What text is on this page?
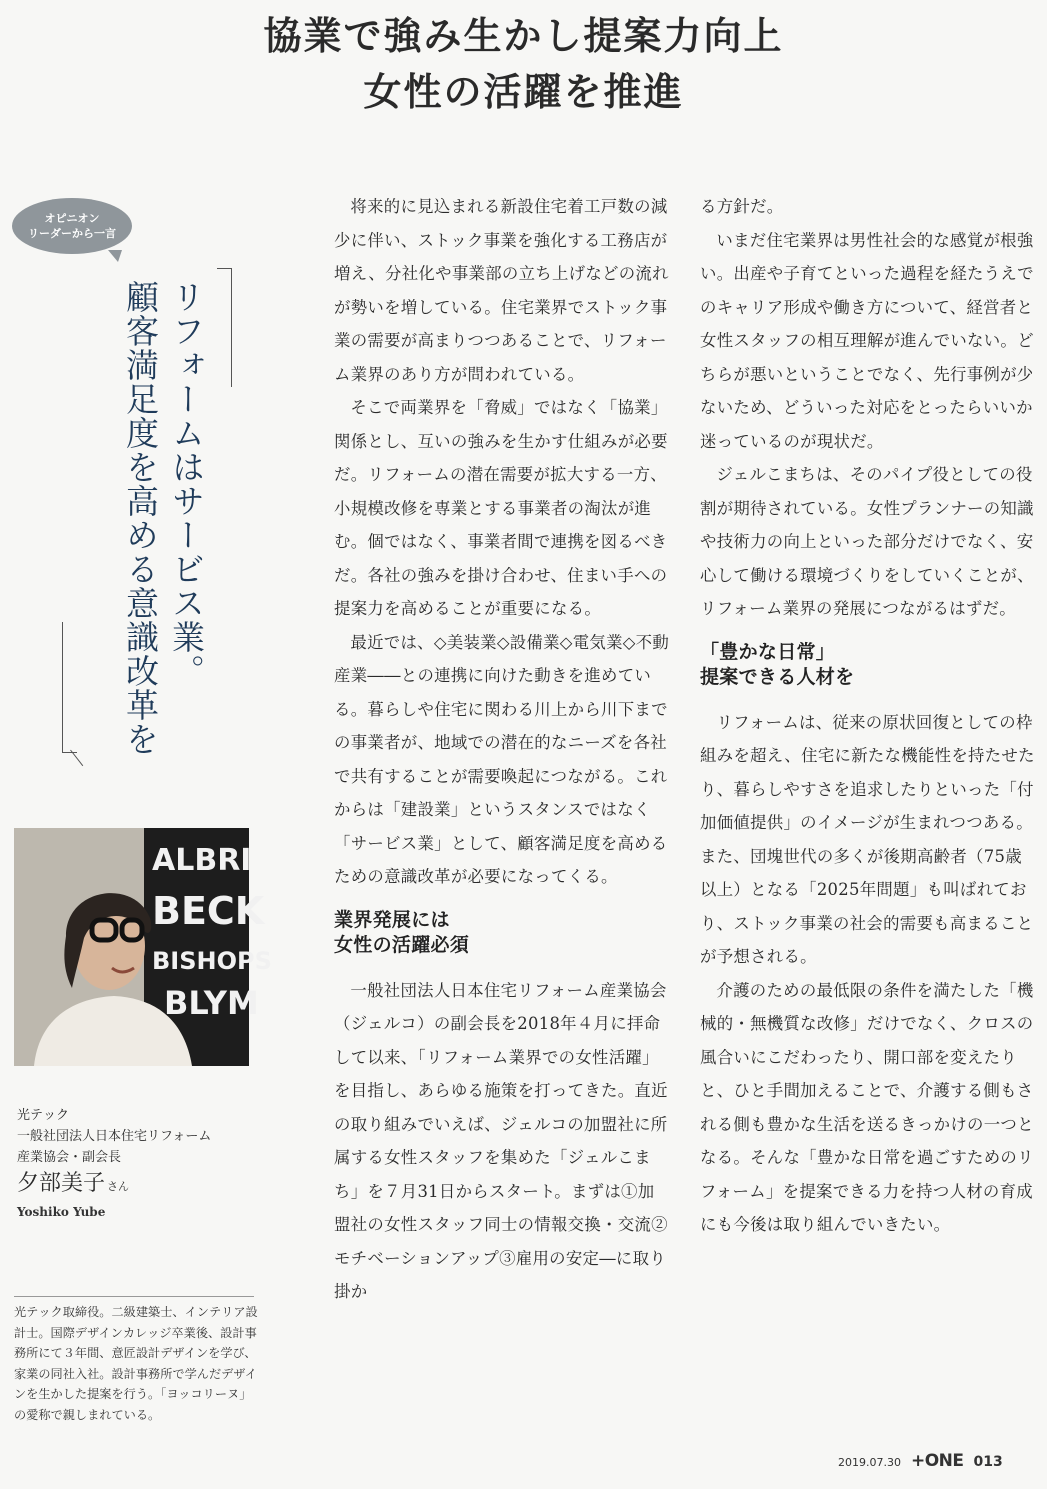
協業で強み生かし提案力向上
女性の活躍を推進
オピニオン
リーダーから一言
リフォームはサービス業。
顧客満足度を高める意識改革を
ALBRI
BECK
BISHOPS
BLYM
光テック
一般社団法人日本住宅リフォーム
産業協会・副会長
夕部美子 さん
Yoshiko Yube
光テック取締役。二級建築士、インテリア設計士。国際デザインカレッジ卒業後、設計事務所にて３年間、意匠設計デザインを学び、家業の同社入社。設計事務所で学んだデザインを生かした提案を行う。「ヨッコリーヌ」の愛称で親しまれている。

将来的に見込まれる新設住宅着工戸数の減少に伴い、ストック事業を強化する工務店が増え、分社化や事業部の立ち上げなどの流れが勢いを増している。住宅業界でストック事業の需要が高まりつつあることで、リフォーム業界のあり方が問われている。

そこで両業界を「脅威」ではなく「協業」関係とし、互いの強みを生かす仕組みが必要だ。リフォームの潜在需要が拡大する一方、小規模改修を専業とする事業者の淘汰が進む。個ではなく、事業者間で連携を図るべきだ。各社の強みを掛け合わせ、住まい手への提案力を高めることが重要になる。

最近では、◇美装業◇設備業◇電気業◇不動産業――との連携に向けた動きを進めている。暮らしや住宅に関わる川上から川下までの事業者が、地域での潜在的なニーズを各社で共有することが需要喚起につながる。これからは「建設業」というスタンスではなく「サービス業」として、顧客満足度を高めるための意識改革が必要になってくる。

業界発展には
女性の活躍必須

一般社団法人日本住宅リフォーム産業協会（ジェルコ）の副会長を2018年４月に拝命して以来、「リフォーム業界での女性活躍」を目指し、あらゆる施策を打ってきた。直近の取り組みでいえば、ジェルコの加盟社に所属する女性スタッフを集めた「ジェルこまち」を７月31日からスタート。まずは①加盟社の女性スタッフ同士の情報交換・交流②モチベーションアップ③雇用の安定―に取り掛か

る方針だ。

いまだ住宅業界は男性社会的な感覚が根強い。出産や子育てといった過程を経たうえでのキャリア形成や働き方について、経営者と女性スタッフの相互理解が進んでいない。どちらが悪いということでなく、先行事例が少ないため、どういった対応をとったらいいか迷っているのが現状だ。

ジェルこまちは、そのパイプ役としての役割が期待されている。女性プランナーの知識や技術力の向上といった部分だけでなく、安心して働ける環境づくりをしていくことが、リフォーム業界の発展につながるはずだ。

「豊かな日常」
提案できる人材を

リフォームは、従来の原状回復としての枠組みを超え、住宅に新たな機能性を持たせたり、暮らしやすさを追求したりといった「付加価値提供」のイメージが生まれつつある。また、団塊世代の多くが後期高齢者（75歳以上）となる「2025年問題」も叫ばれており、ストック事業の社会的需要も高まることが予想される。

介護のための最低限の条件を満たした「機械的・無機質な改修」だけでなく、クロスの風合いにこだわったり、開口部を変えたりと、ひと手間加えることで、介護する側もされる側も豊かな生活を送るきっかけの一つとなる。そんな「豊かな日常を過ごすためのリフォーム」を提案できる力を持つ人材の育成にも今後は取り組んでいきたい。

2019.07.30 +ONE 013
